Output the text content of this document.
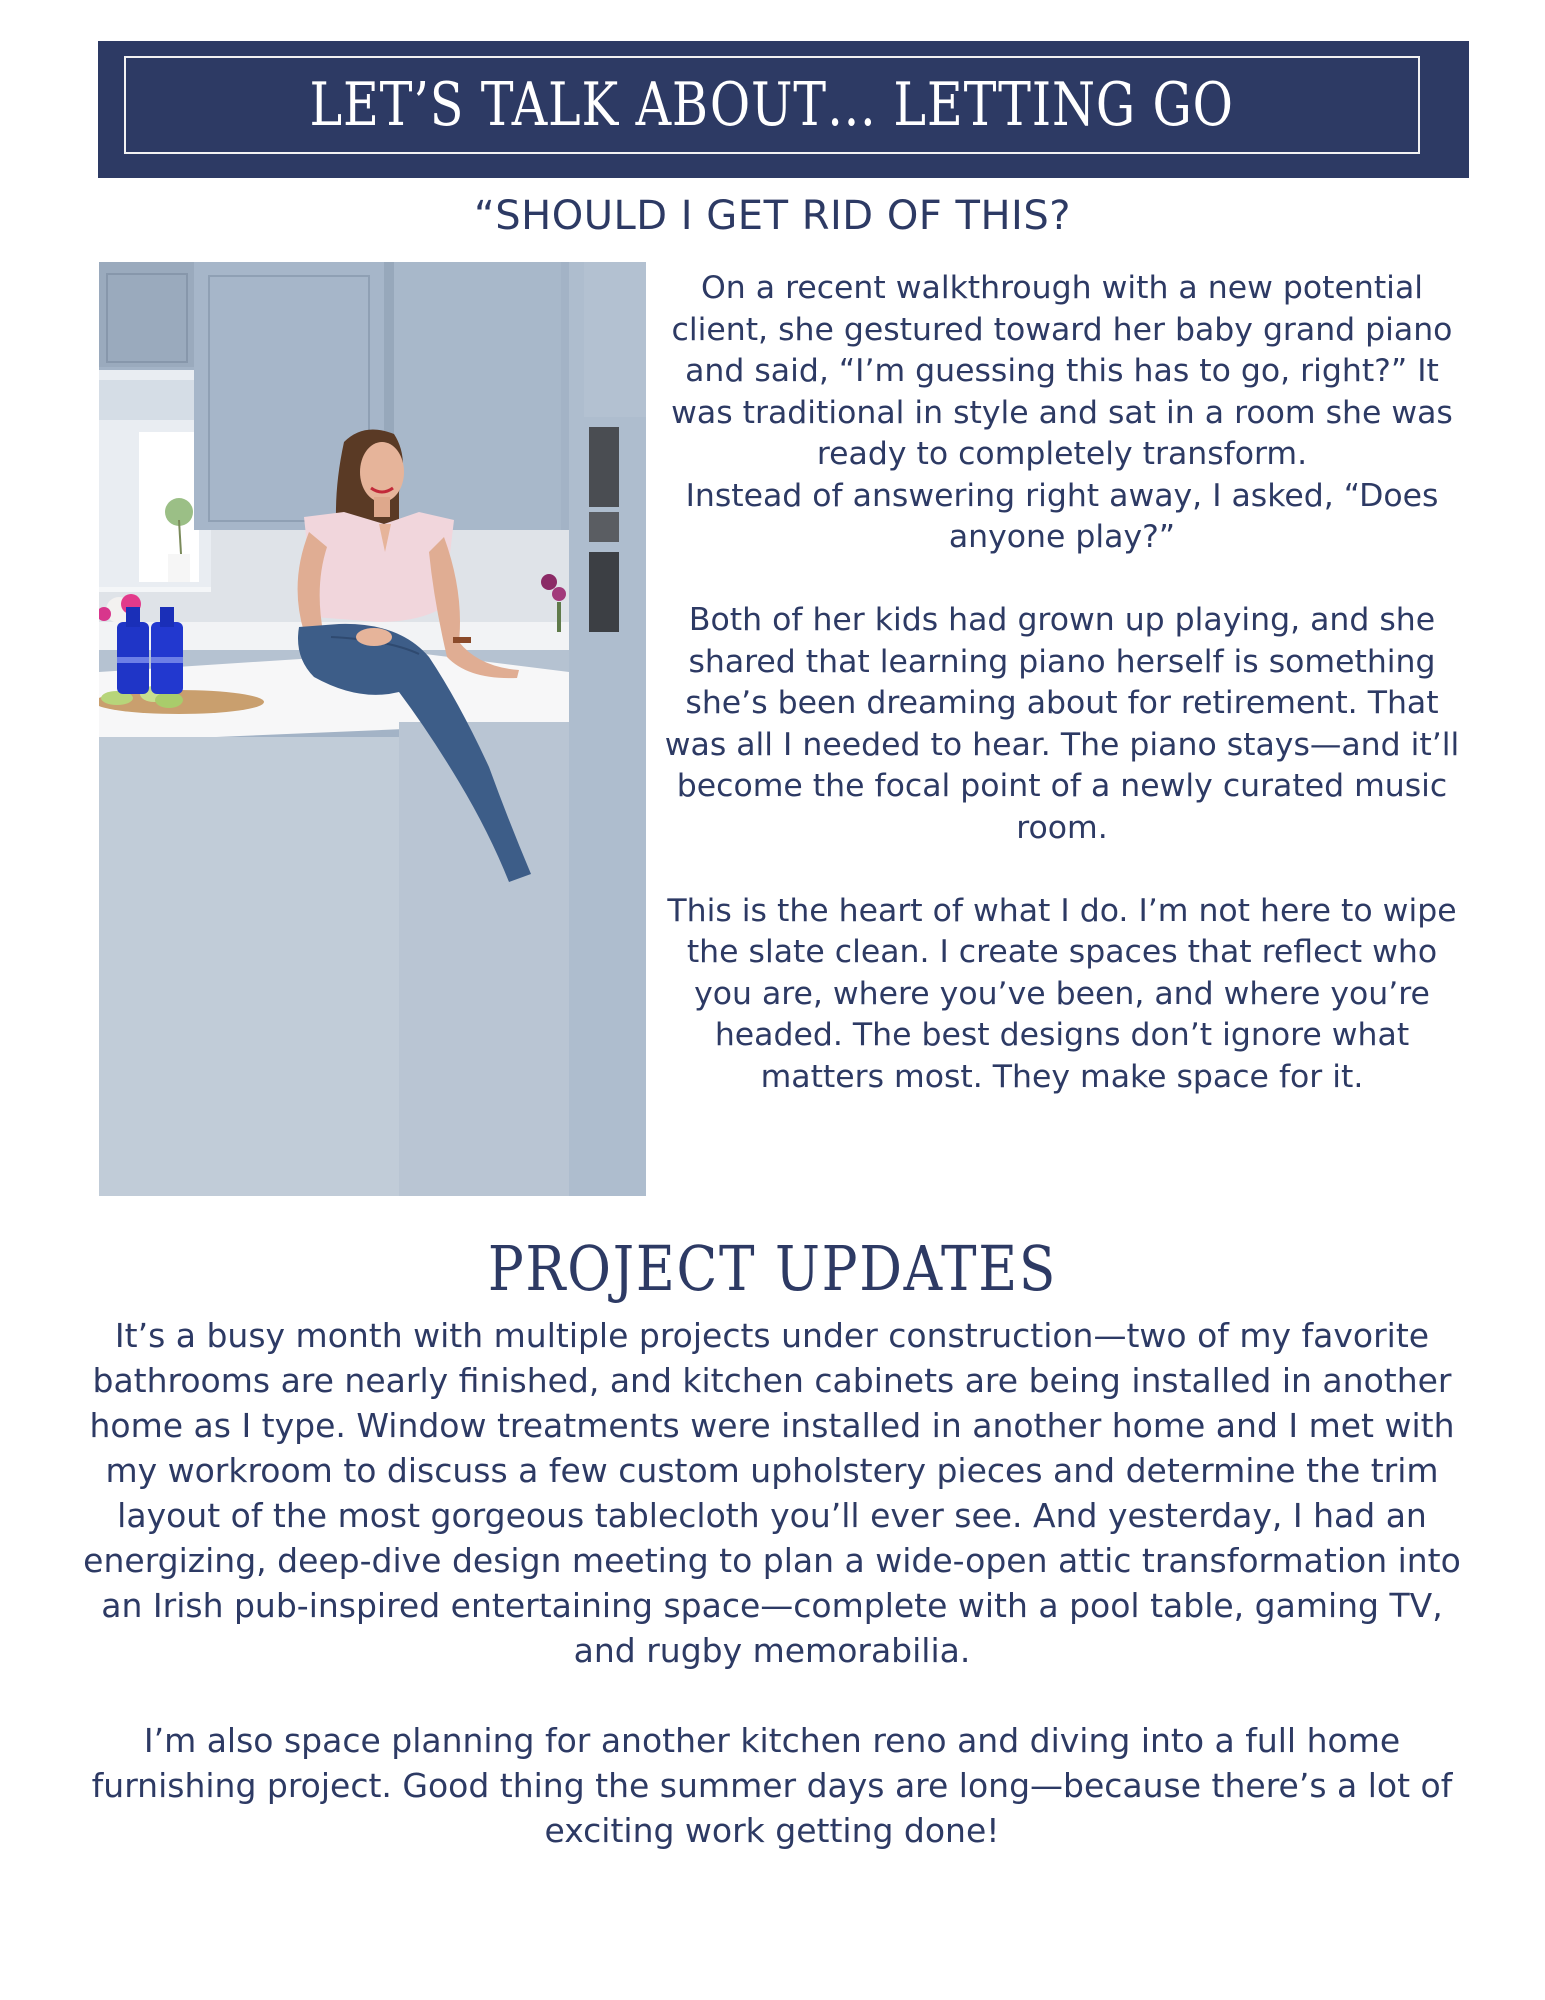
LET’S TALK ABOUT… LETTING GO
“SHOULD I GET RID OF THIS?

On a recent walkthrough with a new potential client, she gestured toward her baby grand piano and said, “I’m guessing this has to go, right?” It was traditional in style and sat in a room she was ready to completely transform.

Instead of answering right away, I asked, “Does anyone play?”

Both of her kids had grown up playing, and she shared that learning piano herself is something she’s been dreaming about for retirement. That was all I needed to hear. The piano stays—and it’ll become the focal point of a newly curated music room.

This is the heart of what I do. I’m not here to wipe the slate clean. I create spaces that reflect who you are, where you’ve been, and where you’re headed. The best designs don’t ignore what matters most. They make space for it.

PROJECT UPDATES

It’s a busy month with multiple projects under construction—two of my favorite bathrooms are nearly finished, and kitchen cabinets are being installed in another home as I type. Window treatments were installed in another home and I met with my workroom to discuss a few custom upholstery pieces and determine the trim layout of the most gorgeous tablecloth you’ll ever see. And yesterday, I had an energizing, deep-dive design meeting to plan a wide-open attic transformation into an Irish pub-inspired entertaining space—complete with a pool table, gaming TV, and rugby memorabilia.

I’m also space planning for another kitchen reno and diving into a full home furnishing project. Good thing the summer days are long—because there’s a lot of exciting work getting done!
